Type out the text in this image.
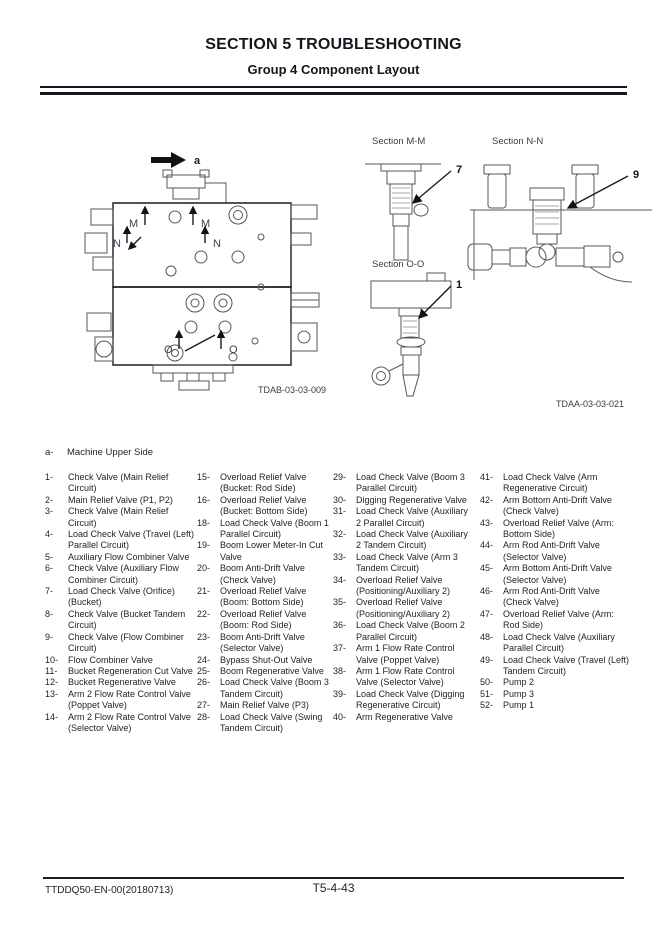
SECTION 5 TROUBLESHOOTING
Group 4 Component Layout
a
M	M
N	N
O	O
TDAB-03-03-009
Section M-M
7
Section N-N
9
Section O-O
1
TDAA-03-03-021
a-	Machine Upper Side
1-	Check Valve (Main Relief Circuit)
2-	Main Relief Valve (P1, P2)
3-	Check Valve (Main Relief Circuit)
4-	Load Check Valve (Travel (Left) Parallel Circuit)
5-	Auxiliary Flow Combiner Valve
6-	Check Valve (Auxiliary Flow Combiner Circuit)
7-	Load Check Valve (Orifice) (Bucket)
8-	Check Valve (Bucket Tandem Circuit)
9-	Check Valve (Flow Combiner Circuit)
10-	Flow Combiner Valve
11-	Bucket Regeneration Cut Valve
12-	Bucket Regenerative Valve
13-	Arm 2 Flow Rate Control Valve (Poppet Valve)
14-	Arm 2 Flow Rate Control Valve (Selector Valve)
15-	Overload Relief Valve (Bucket: Rod Side)
16-	Overload Relief Valve (Bucket: Bottom Side)
18-	Load Check Valve (Boom 1 Parallel Circuit)
19-	Boom Lower Meter-In Cut Valve
20-	Boom Anti-Drift Valve (Check Valve)
21-	Overload Relief Valve (Boom: Bottom Side)
22-	Overload Relief Valve (Boom: Rod Side)
23-	Boom Anti-Drift Valve (Selector Valve)
24-	Bypass Shut-Out Valve
25-	Boom Regenerative Valve
26-	Load Check Valve (Boom 3 Tandem Circuit)
27-	Main Relief Valve (P3)
28-	Load Check Valve (Swing Tandem Circuit)
29-	Load Check Valve (Boom 3 Parallel Circuit)
30-	Digging Regenerative Valve
31-	Load Check Valve (Auxiliary 2 Parallel Circuit)
32-	Load Check Valve (Auxiliary 2 Tandem Circuit)
33-	Load Check Valve (Arm 3 Tandem Circuit)
34-	Overload Relief Valve (Positioning/Auxiliary 2)
35-	Overload Relief Valve (Positioning/Auxiliary 2)
36-	Load Check Valve (Boom 2 Parallel Circuit)
37-	Arm 1 Flow Rate Control Valve (Poppet Valve)
38-	Arm 1 Flow Rate Control Valve (Selector Valve)
39-	Load Check Valve (Digging Regenerative Circuit)
40-	Arm Regenerative Valve
41-	Load Check Valve (Arm Regenerative Circuit)
42-	Arm Bottom Anti-Drift Valve (Check Valve)
43-	Overload Relief Valve (Arm: Bottom Side)
44-	Arm Rod Anti-Drift Valve (Selector Valve)
45-	Arm Bottom Anti-Drift Valve (Selector Valve)
46-	Arm Rod Anti-Drift Valve (Check Valve)
47-	Overload Relief Valve (Arm: Rod Side)
48-	Load Check Valve (Auxiliary Parallel Circuit)
49-	Load Check Valve (Travel (Left) Tandem Circuit)
50-	Pump 2
51-	Pump 3
52-	Pump 1
TTDDQ50-EN-00(20180713)	T5-4-43
